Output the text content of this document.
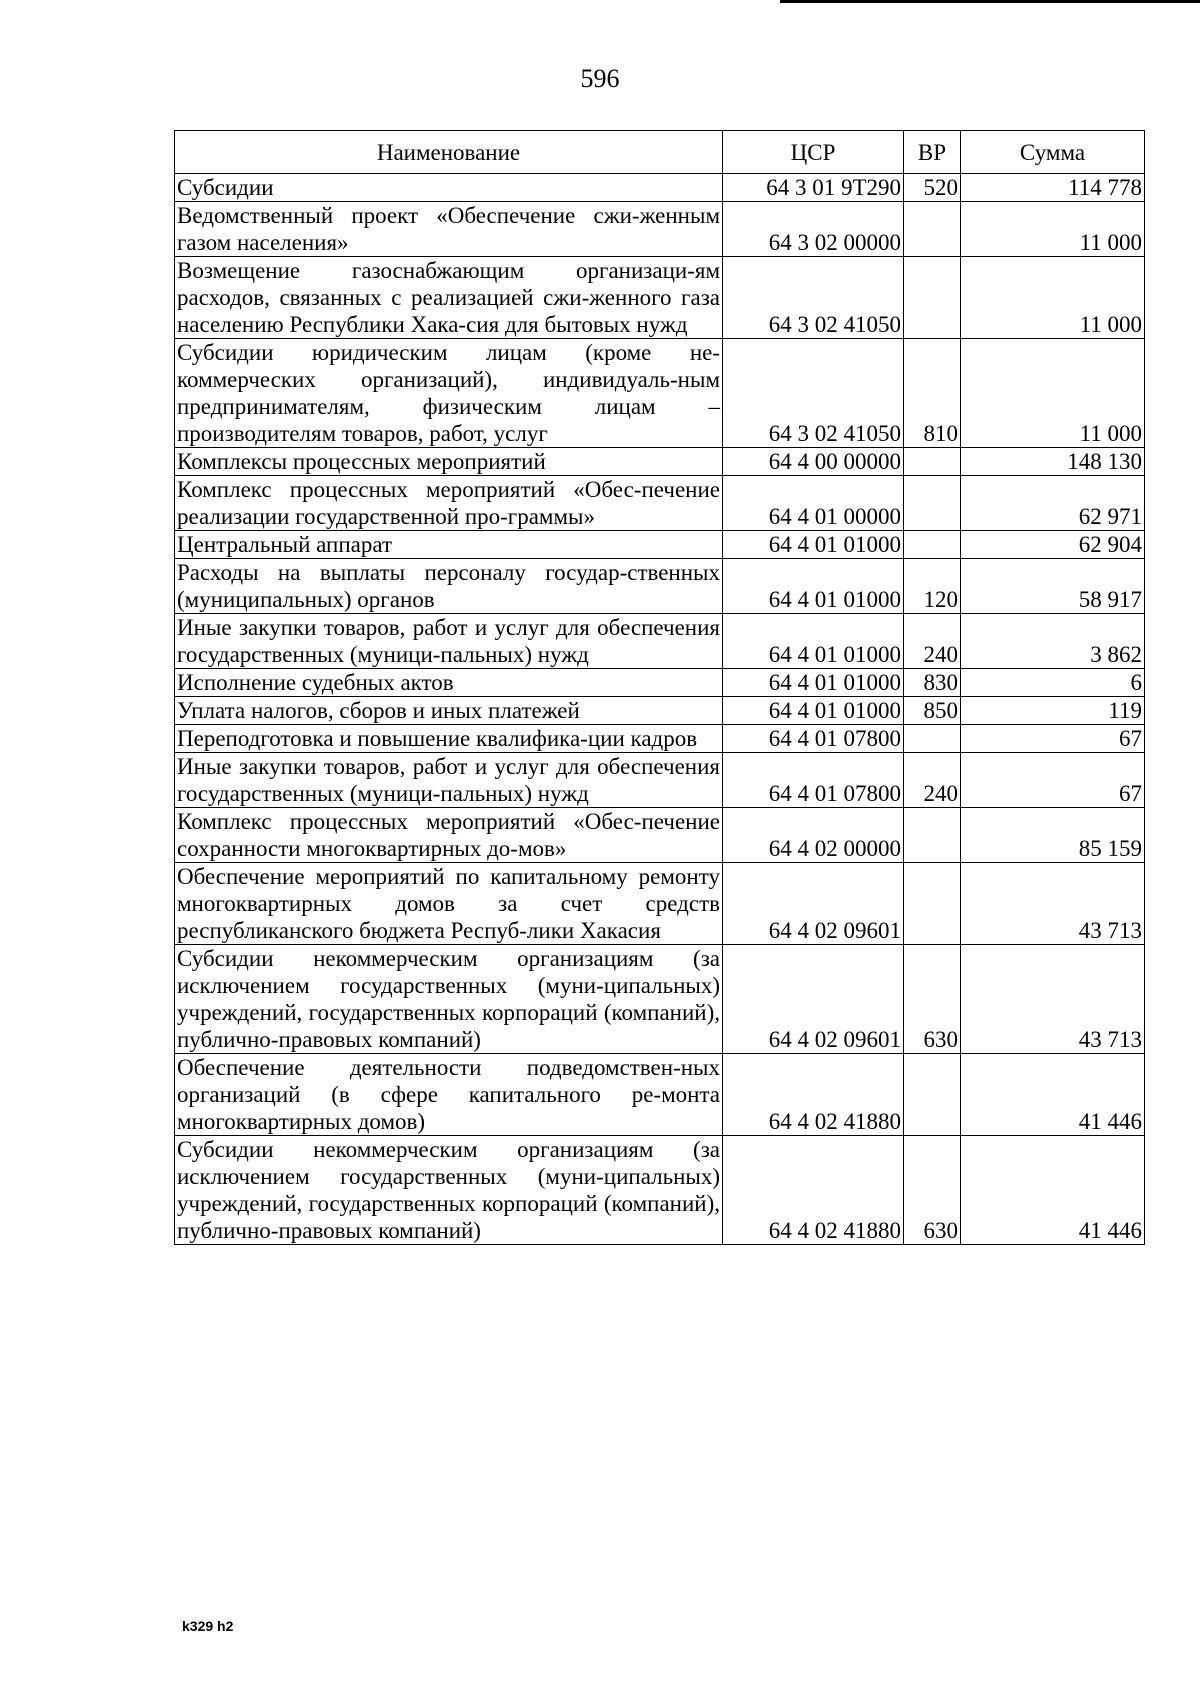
596
Наименование	ЦСР	ВР	Сумма
Субсидии	64 3 01 9Т290	520	114 778
Ведомственный проект «Обеспечение сжи-женным газом населения»	64 3 02 00000		11 000
Возмещение газоснабжающим организаци-ям расходов, связанных с реализацией сжи-женного газа населению Республики Хака-сия для бытовых нужд	64 3 02 41050		11 000
Субсидии юридическим лицам (кроме не-коммерческих организаций), индивидуаль-ным предпринимателям, физическим лицам – производителям товаров, работ, услуг	64 3 02 41050	810	11 000
Комплексы процессных мероприятий	64 4 00 00000		148 130
Комплекс процессных мероприятий «Обес-печение реализации государственной про-граммы»	64 4 01 00000		62 971
Центральный аппарат	64 4 01 01000		62 904
Расходы на выплаты персоналу государ-ственных (муниципальных) органов	64 4 01 01000	120	58 917
Иные закупки товаров, работ и услуг для обеспечения государственных (муници-пальных) нужд	64 4 01 01000	240	3 862
Исполнение судебных актов	64 4 01 01000	830	6
Уплата налогов, сборов и иных платежей	64 4 01 01000	850	119
Переподготовка и повышение квалифика-ции кадров	64 4 01 07800		67
Иные закупки товаров, работ и услуг для обеспечения государственных (муници-пальных) нужд	64 4 01 07800	240	67
Комплекс процессных мероприятий «Обес-печение сохранности многоквартирных до-мов»	64 4 02 00000		85 159
Обеспечение мероприятий по капитальному ремонту многоквартирных домов за счет средств республиканского бюджета Респуб-лики Хакасия	64 4 02 09601		43 713
Субсидии некоммерческим организациям (за исключением государственных (муни-ципальных) учреждений, государственных корпораций (компаний), публично-правовых компаний)	64 4 02 09601	630	43 713
Обеспечение деятельности подведомствен-ных организаций (в сфере капитального ре-монта многоквартирных домов)	64 4 02 41880		41 446
Субсидии некоммерческим организациям (за исключением государственных (муни-ципальных) учреждений, государственных корпораций (компаний), публично-правовых компаний)	64 4 02 41880	630	41 446
k329 h2
